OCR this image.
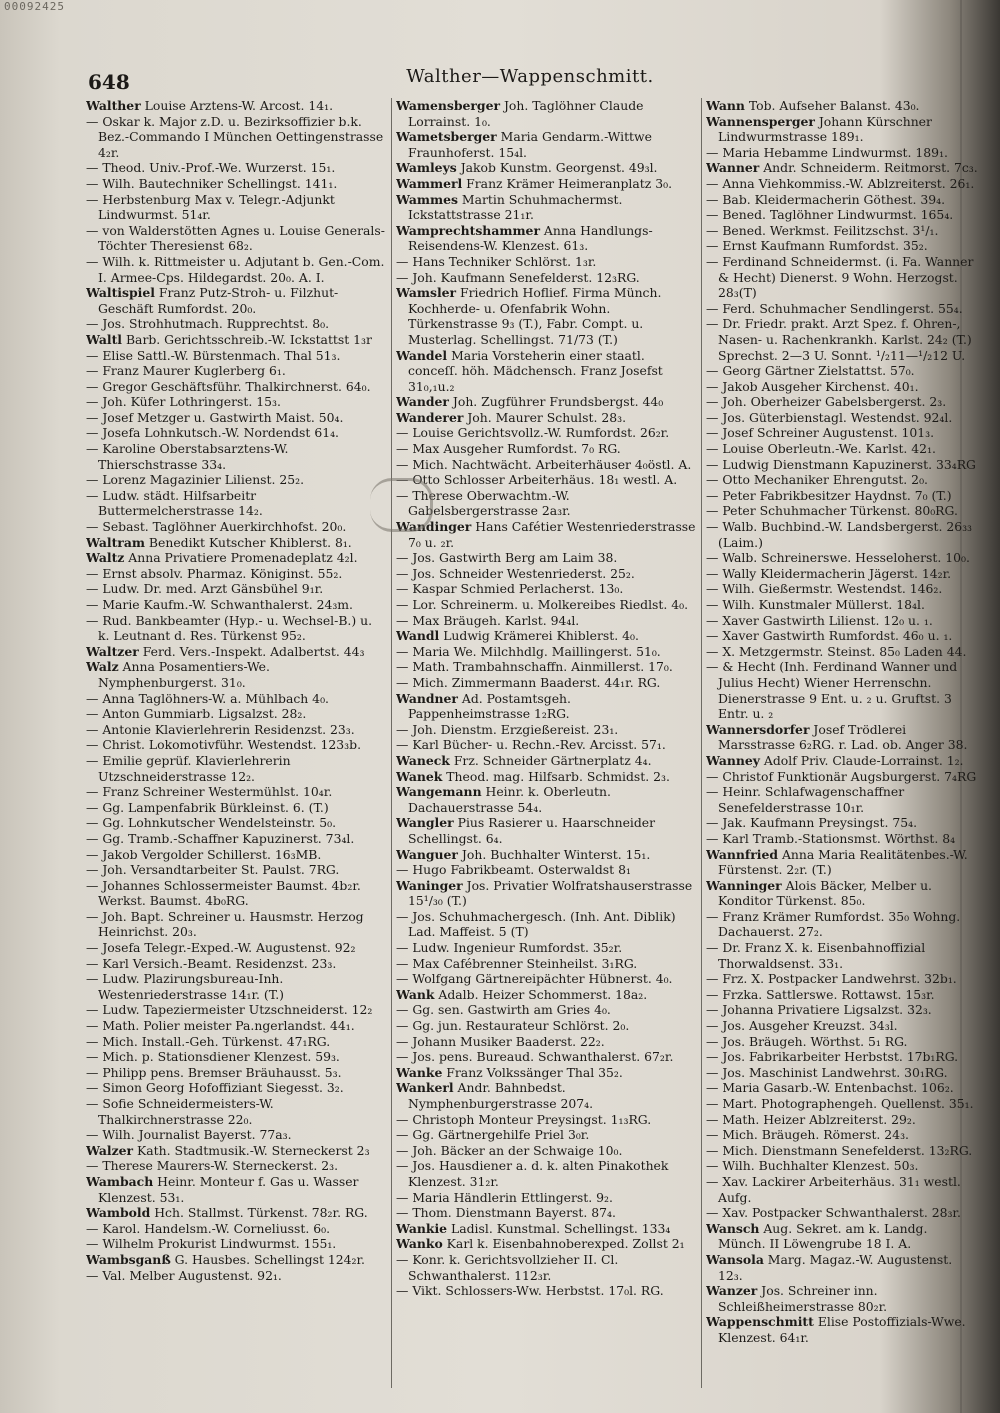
00092425
648	Walther—Wappenschmitt.

Walther Louise Arztens-W. Arcost. 14₁.

— Oskar k. Major z.D. u. Bezirksoffizier b.k. Bez.-Commando I München Oettingenstrasse 4₂r.

— Theod. Univ.-Prof.-We. Wurzerst. 15₁.

— Wilh. Bautechniker Schellingst. 141₁.

— Herbstenburg Max v. Telegr.-Adjunkt Lindwurmst. 51₄r.

— von Walderstötten Agnes u. Louise Generals-Töchter Theresienst 68₂.

— Wilh. k. Rittmeister u. Adjutant b. Gen.-Com. I. Armee-Cps. Hildegardst. 20₀. A. I.

Waltispiel Franz Putz-Stroh- u. Filzhut-Geschäft Rumfordst. 20₀.

— Jos. Strohhutmach. Rupprechtst. 8₀.

Waltl Barb. Gerichtsschreib.-W. Ickstattst 1₃r

— Elise Sattl.-W. Bürstenmach. Thal 51₃.

— Franz Maurer Kuglerberg 6₁.

— Gregor Geschäftsführ. Thalkirchnerst. 64₀.

— Joh. Küfer Lothringerst. 15₃.

— Josef Metzger u. Gastwirth Maist. 50₄.

— Josefa Lohnkutsch.-W. Nordendst 61₄.

— Karoline Oberstabsarztens-W. Thierschstrasse 33₄.

— Lorenz Magazinier Lilienst. 25₂.

— Ludw. städt. Hilfsarbeitr Buttermelcherstrasse 14₂.

— Sebast. Taglöhner Auerkirchhofst. 20₀.

Waltram Benedikt Kutscher Khiblerst. 8₁.

Waltz Anna Privatiere Promenadeplatz 4₂l.

— Ernst absolv. Pharmaz. Königinst. 55₂.

— Ludw. Dr. med. Arzt Gänsbühel 9₁r.

— Marie Kaufm.-W. Schwanthalerst. 24₃m.

— Rud. Bankbeamter (Hyp.- u. Wechsel-B.) u. k. Leutnant d. Res. Türkenst 95₂.

Waltzer Ferd. Vers.-Inspekt. Adalbertst. 44₃

Walz Anna Posamentiers-We. Nymphenburgerst. 31₀.

— Anna Taglöhners-W. a. Mühlbach 4₀.

— Anton Gummiarb. Ligsalzst. 28₂.

— Antonie Klavierlehrerin Residenzst. 23₃.

— Christ. Lokomotivführ. Westendst. 123₃b.

— Emilie geprüf. Klavierlehrerin Utzschneiderstrasse 12₂.

— Franz Schreiner Westermühlst. 10₄r.

— Gg. Lampenfabrik Bürkleinst. 6. (T.)

— Gg. Lohnkutscher Wendelsteinstr. 5₀.

— Gg. Tramb.-Schaffner Kapuzinerst. 73₄l.

— Jakob Vergolder Schillerst. 16₃MB.

— Joh. Versandtarbeiter St. Paulst. 7RG.

— Johannes Schlossermeister Baumst. 4b₂r. Werkst. Baumst. 4b₀RG.

— Joh. Bapt. Schreiner u. Hausmstr. Herzog Heinrichst. 20₃.

— Josefa Telegr.-Exped.-W. Augustenst. 92₂

— Karl Versich.-Beamt. Residenzst. 23₃.

— Ludw. Plazirungsbureau-Inh. Westenriederstrasse 14₁r. (T.)

— Ludw. Tapeziermeister Utzschneiderst. 12₂

— Math. Polier meister Pa.ngerlandst. 44₁.

— Mich. Install.-Geh. Türkenst. 47₁RG.

— Mich. p. Stationsdiener Klenzest. 59₃.

— Philipp pens. Bremser Bräuhausst. 5₃.

— Simon Georg Hofoffiziant Siegesst. 3₂.

— Sofie Schneidermeisters-W. Thalkirchnerstrasse 22₀.

— Wilh. Journalist Bayerst. 77a₃.

Walzer Kath. Stadtmusik.-W. Sterneckerst 2₃

— Therese Maurers-W. Sterneckerst. 2₃.

Wambach Heinr. Monteur f. Gas u. Wasser Klenzest. 53₁.

Wambold Hch. Stallmst. Türkenst. 78₂r. RG.

— Karol. Handelsm.-W. Corneliusst. 6₀.

— Wilhelm Prokurist Lindwurmst. 155₁.

Wambsganß G. Hausbes. Schellingst 124₂r.

— Val. Melber Augustenst. 92₁.

Wamensberger Joh. Taglöhner Claude Lorrainst. 1₀.

Wametsberger Maria Gendarm.-Wittwe Fraunhoferst. 15₄l.

Wamleys Jakob Kunstm. Georgenst. 49₃l.

Wammerl Franz Krämer Heimeranplatz 3₀.

Wammes Martin Schuhmachermst. Ickstattstrasse 21₁r.

Wamprechtshammer Anna Handlungs-Reisendens-W. Klenzest. 61₃.

— Hans Techniker Schlörst. 1₃r.

— Joh. Kaufmann Senefelderst. 12₃RG.

Wamsler Friedrich Hoflief. Firma Münch. Kochherde- u. Ofenfabrik Wohn. Türkenstrasse 9₃ (T.), Fabr. Compt. u. Musterlag. Schellingst. 71/73 (T.)

Wandel Maria Vorsteherin einer staatl. conceſſ. höh. Mädchensch. Franz Josefst 31₀,₁u.₂

Wander Joh. Zugführer Frundsbergst. 44₀

Wanderer Joh. Maurer Schulst. 28₃.

— Louise Gerichtsvollz.-W. Rumfordst. 26₂r.

— Max Ausgeher Rumfordst. 7₀ RG.

— Mich. Nachtwächt. Arbeiterhäuser 4₀östl. A.

— Otto Schlosser Arbeiterhäus. 18₁ westl. A.

— Therese Oberwachtm.-W. Gabelsbergerstrasse 2a₃r.

Wandinger Hans Cafétier Westenriederstrasse 7₀ u. ₂r.

— Jos. Gastwirth Berg am Laim 38.

— Jos. Schneider Westenriederst. 25₂.

— Kaspar Schmied Perlacherst. 13₀.

— Lor. Schreinerm. u. Molkereibes Riedlst. 4₀.

— Max Bräugeh. Karlst. 94₄l.

Wandl Ludwig Krämerei Khiblerst. 4₀.

— Maria We. Milchhdlg. Maillingerst. 51₀.

— Math. Trambahnschaffn. Ainmillerst. 17₀.

— Mich. Zimmermann Baaderst. 44₁r. RG.

Wandner Ad. Postamtsgeh. Pappenheimstrasse 1₂RG.

— Joh. Dienstm. Erzgießereist. 23₁.

— Karl Bücher- u. Rechn.-Rev. Arcisst. 57₁.

Waneck Frz. Schneider Gärtnerplatz 4₄.

Wanek Theod. mag. Hilfsarb. Schmidst. 2₃.

Wangemann Heinr. k. Oberleutn. Dachauerstrasse 54₄.

Wangler Pius Rasierer u. Haarschneider Schellingst. 6₄.

Wanguer Joh. Buchhalter Winterst. 15₁.

— Hugo Fabrikbeamt. Osterwaldst 8₁

Waninger Jos. Privatier Wolfratshauserstrasse 15¹/₃₀ (T.)

— Jos. Schuhmachergesch. (Inh. Ant. Diblik) Lad. Maffeist. 5 (T)

— Ludw. Ingenieur Rumfordst. 35₂r.

— Max Cafébrenner Steinheilst. 3₁RG.

— Wolfgang Gärtnereipächter Hübnerst. 4₀.

Wank Adalb. Heizer Schommerst. 18a₂.

— Gg. sen. Gastwirth am Gries 4₀.

— Gg. jun. Restaurateur Schlörst. 2₀.

— Johann Musiker Baaderst. 22₂.

— Jos. pens. Bureaud. Schwanthalerst. 67₂r.

Wanke Franz Volkssänger Thal 35₂.

Wankerl Andr. Bahnbedst. Nymphenburgerstrasse 207₄.

— Christoph Monteur Preysingst. 1₁₃RG.

— Gg. Gärtnergehilfe Priel 3₀r.

— Joh. Bäcker an der Schwaige 10₀.

— Jos. Hausdiener a. d. k. alten Pinakothek Klenzest. 31₂r.

— Maria Händlerin Ettlingerst. 9₂.

— Thom. Dienstmann Bayerst. 87₄.

Wankie Ladisl. Kunstmal. Schellingst. 133₄

Wanko Karl k. Eisenbahnoberexped. Zollst 2₁

— Konr. k. Gerichtsvollzieher II. Cl. Schwanthalerst. 112₃r.

— Vikt. Schlossers-Ww. Herbstst. 17₀l. RG.

Wann Tob. Aufseher Balanst. 43₀.

Wannensperger Johann Kürschner Lindwurmstrasse 189₁.

— Maria Hebamme Lindwurmst. 189₁.

Wanner Andr. Schneiderm. Reitmorst. 7c₃.

— Anna Viehkommiss.-W. Ablzreiterst. 26₁.

— Bab. Kleidermacherin Göthest. 39₄.

— Bened. Taglöhner Lindwurmst. 165₄.

— Bened. Werkmst. Feilitzschst. 3¹/₁.

— Ernst Kaufmann Rumfordst. 35₂.

— Ferdinand Schneidermst. (i. Fa. Wanner & Hecht) Dienerst. 9 Wohn. Herzogst. 28₃(T)

— Ferd. Schuhmacher Sendlingerst. 55₄.

— Dr. Friedr. prakt. Arzt Spez. f. Ohren-, Nasen- u. Rachenkrankh. Karlst. 24₂ (T.) Sprechst. 2—3 U. Sonnt. ¹/₂11—¹/₂12 U.

— Georg Gärtner Zielstattst. 57₀.

— Jakob Ausgeher Kirchenst. 40₁.

— Joh. Oberheizer Gabelsbergerst. 2₃.

— Jos. Güterbienstagl. Westendst. 92₄l.

— Josef Schreiner Augustenst. 101₃.

— Louise Oberleutn.-We. Karlst. 42₁.

— Ludwig Dienstmann Kapuzinerst. 33₄RG

— Otto Mechaniker Ehrengutst. 2₀.

— Peter Fabrikbesitzer Haydnst. 7₀ (T.)

— Peter Schuhmacher Türkenst. 80₀RG.

— Walb. Buchbind.-W. Landsbergerst. 26₃₃ (Laim.)

— Walb. Schreinerswe. Hesseloherst. 10₀.

— Wally Kleidermacherin Jägerst. 14₂r.

— Wilh. Gießermstr. Westendst. 146₂.

— Wilh. Kunstmaler Müllerst. 18₄l.

— Xaver Gastwirth Lilienst. 12₀ u. ₁.

— Xaver Gastwirth Rumfordst. 46₀ u. ₁.

— X. Metzgermstr. Steinst. 85₀ Laden 44.

— & Hecht (Inh. Ferdinand Wanner und Julius Hecht) Wiener Herrenschn. Dienerstrasse 9 Ent. u. ₂ u. Gruftst. 3 Entr. u. ₂

Wannersdorfer Josef Trödlerei Marsstrasse 6₂RG. r. Lad. ob. Anger 38.

Wanney Adolf Priv. Claude-Lorrainst. 1₂.

— Christof Funktionär Augsburgerst. 7₄RG

— Heinr. Schlafwagenschaffner Senefelderstrasse 10₁r.

— Jak. Kaufmann Preysingst. 75₄.

— Karl Tramb.-Stationsmst. Wörthst. 8₄

Wannfried Anna Maria Realitätenbes.-W. Fürstenst. 2₂r. (T.)

Wanninger Alois Bäcker, Melber u. Konditor Türkenst. 85₀.

— Franz Krämer Rumfordst. 35₀ Wohng. Dachauerst. 27₂.

— Dr. Franz X. k. Eisenbahnoffizial Thorwaldsenst. 33₁.

— Frz. X. Postpacker Landwehrst. 32b₁.

— Frzka. Sattlerswe. Rottawst. 15₃r.

— Johanna Privatiere Ligsalzst. 32₃.

— Jos. Ausgeher Kreuzst. 34₃l.

— Jos. Bräugeh. Wörthst. 5₁ RG.

— Jos. Fabrikarbeiter Herbstst. 17b₁RG.

— Jos. Maschinist Landwehrst. 30₁RG.

— Maria Gasarb.-W. Entenbachst. 106₂.

— Mart. Photographengeh. Quellenst. 35₁.

— Math. Heizer Ablzreiterst. 29₂.

— Mich. Bräugeh. Römerst. 24₃.

— Mich. Dienstmann Senefelderst. 13₂RG.

— Wilh. Buchhalter Klenzest. 50₃.

— Xav. Lackirer Arbeiterhäus. 31₁ westl. Aufg.

— Xav. Postpacker Schwanthalerst. 28₃r.

Wansch Aug. Sekret. am k. Landg. Münch. II Löwengrube 18 I. A.

Wansola Marg. Magaz.-W. Augustenst. 12₃.

Wanzer Jos. Schreiner inn. Schleißheimerstrasse 80₂r.

Wappenschmitt Elise Postoffizials-Wwe. Klenzest. 64₁r.
